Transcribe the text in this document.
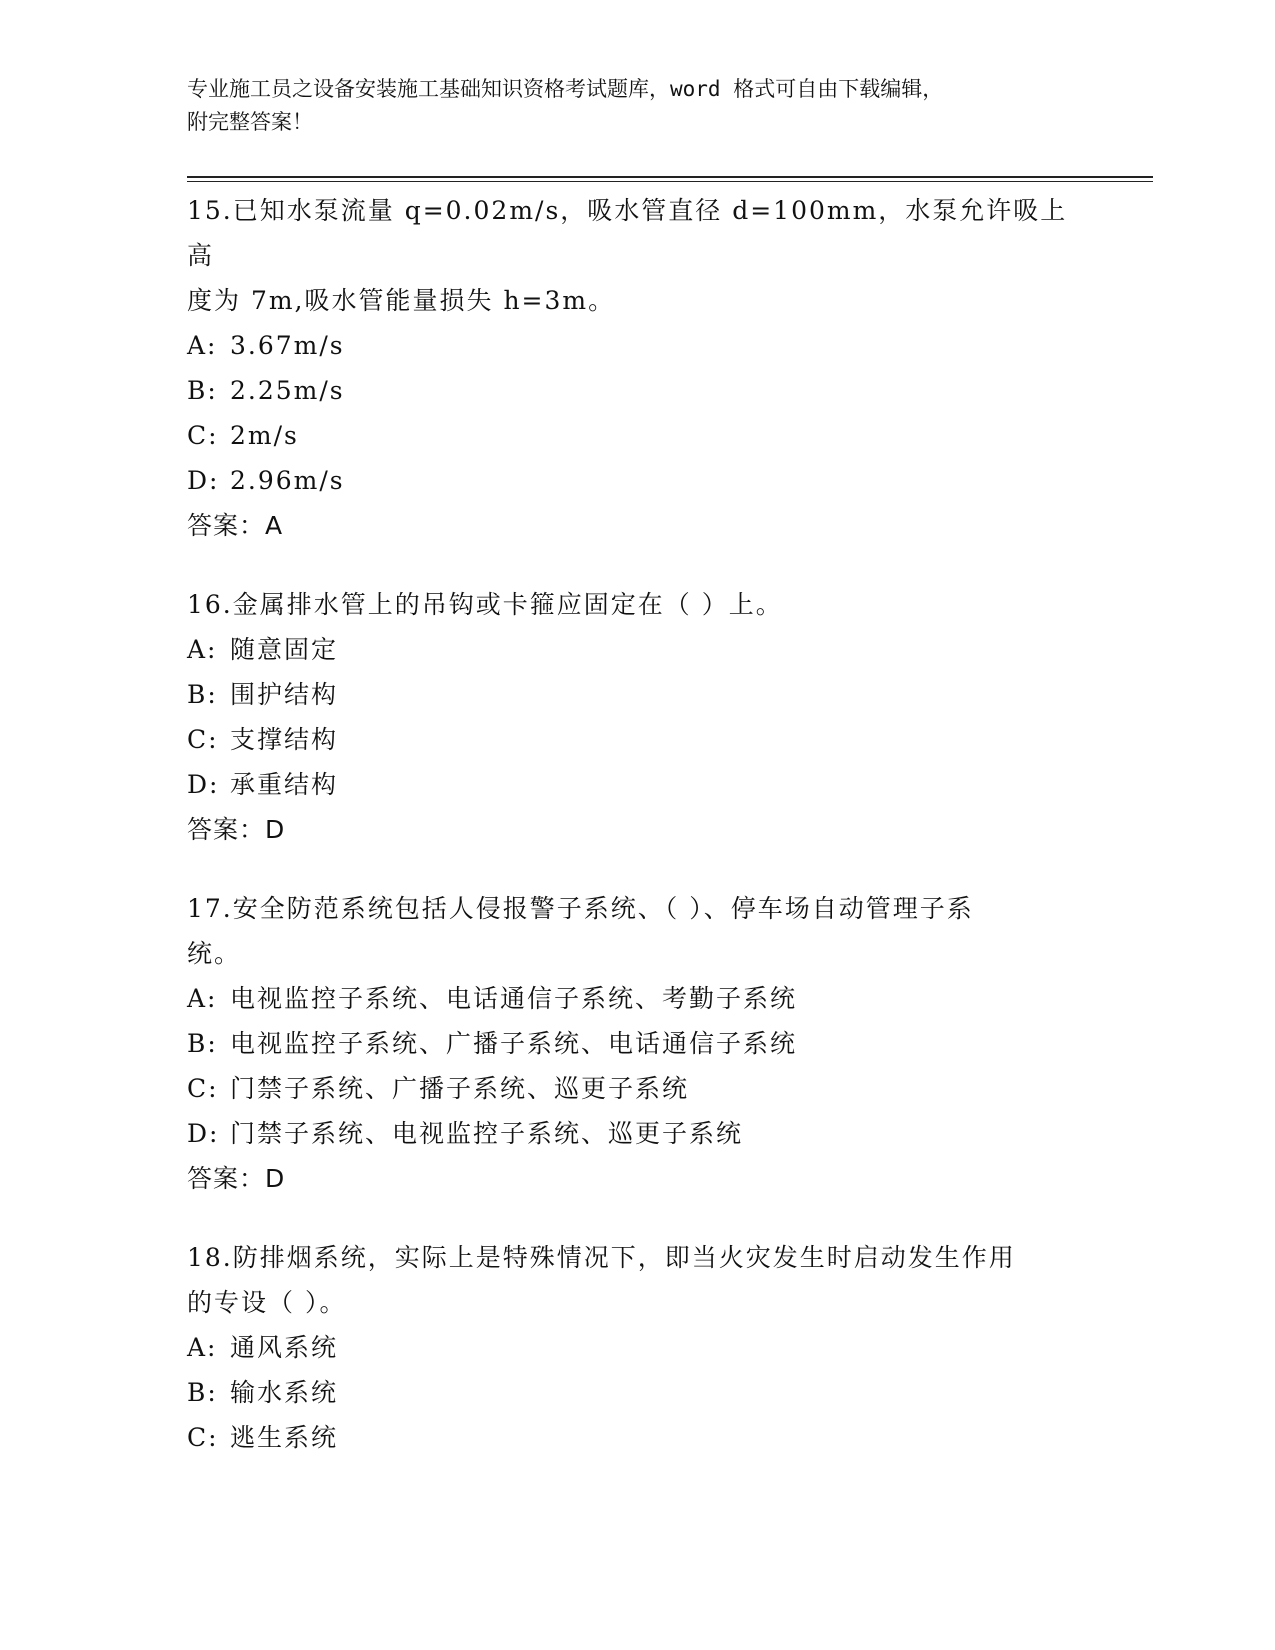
专业施工员之设备安装施工基础知识资格考试题库，word 格式可自由下载编辑，
附完整答案！
15.已知水泵流量 q=0.02m/s，吸水管直径 d=100mm，水泵允许吸上高
度为 7m,吸水管能量损失 h=3m。
A: 3.67m/s
B: 2.25m/s
C: 2m/s
D: 2.96m/s
答案：A
16.金属排水管上的吊钩或卡箍应固定在（ ）上。
A: 随意固定
B: 围护结构
C: 支撑结构
D: 承重结构
答案：D
17.安全防范系统包括人侵报警子系统、（ ）、停车场自动管理子系
统。
A: 电视监控子系统、电话通信子系统、考勤子系统
B: 电视监控子系统、广播子系统、电话通信子系统
C: 门禁子系统、广播子系统、巡更子系统
D: 门禁子系统、电视监控子系统、巡更子系统
答案：D
18.防排烟系统，实际上是特殊情况下，即当火灾发生时启动发生作用
的专设（ ）。
A: 通风系统
B: 输水系统
C: 逃生系统
